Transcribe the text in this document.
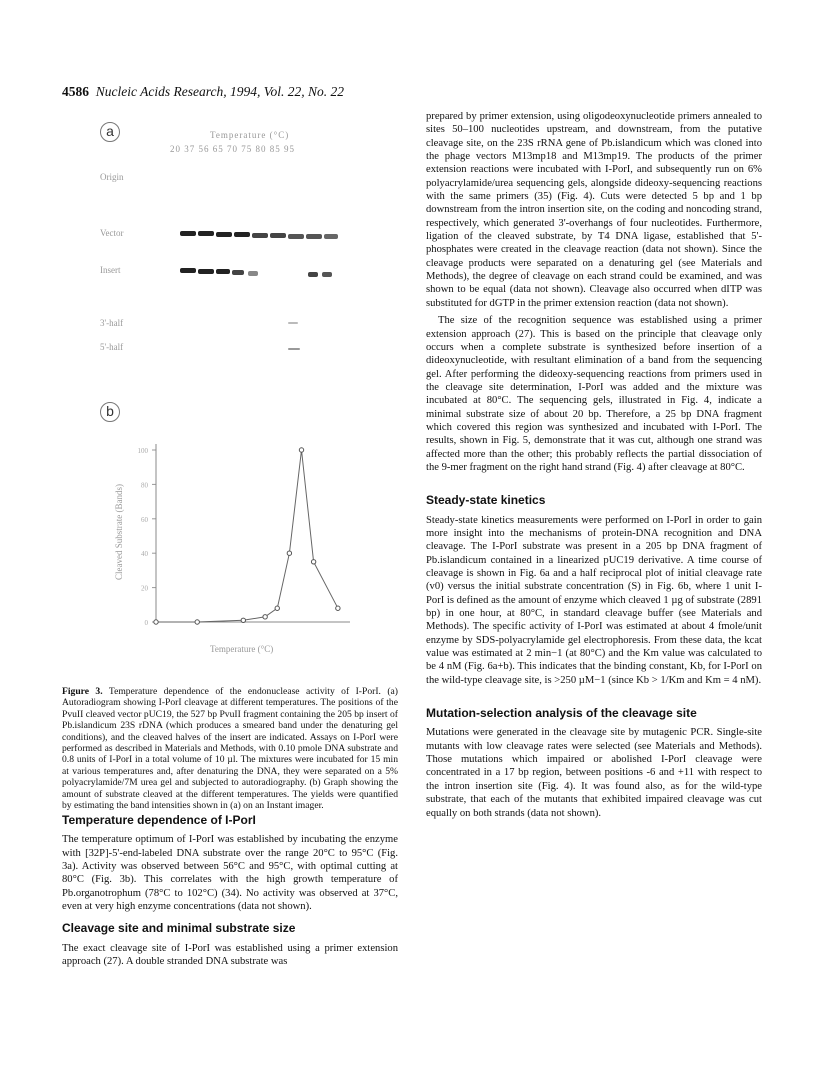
4586 Nucleic Acids Research, 1994, Vol. 22, No. 22
a	Temperature (°C)
20 37 56 65 70 75 80 85 95
Origin
Vector
Insert
3'-half
5'-half
b
100
80
60
40
20
0
Cleaved Substrate (Bands)
Temperature (°C)
Figure 3. Temperature dependence of the endonuclease activity of I-PorI. (a) Autoradiogram showing I-PorI cleavage at different temperatures. The positions of the PvuII cleaved vector pUC19, the 527 bp PvuII fragment containing the 205 bp insert of Pb.islandicum 23S rDNA (which produces a smeared band under the denaturing gel conditions), and the cleaved halves of the insert are indicated. Assays on I-PorI were performed as described in Materials and Methods, with 0.10 pmole DNA substrate and 0.8 units of I-PorI in a total volume of 10 µl. The mixtures were incubated for 15 min at various temperatures and, after denaturing the DNA, they were separated on a 5% polyacrylamide/7M urea gel and subjected to autoradiography. (b) Graph showing the amount of substrate cleaved at the different temperatures. The yields were quantified by estimating the band intensities shown in (a) on an Instant imager.
Temperature dependence of I-PorI

The temperature optimum of I-PorI was established by incubating the enzyme with [32P]-5'-end-labeled DNA substrate over the range 20°C to 95°C (Fig. 3a). Activity was observed between 56°C and 95°C, with optimal cutting at 80°C (Fig. 3b). This correlates with the high growth temperature of Pb.organotrophum (78°C to 102°C) (34). No activity was observed at 37°C, even at very high enzyme concentrations (data not shown).

Cleavage site and minimal substrate size

The exact cleavage site of I-PorI was established using a primer extension approach (27). A double stranded DNA substrate was

prepared by primer extension, using oligodeoxynucleotide primers annealed to sites 50–100 nucleotides upstream, and downstream, from the putative cleavage site, on the 23S rRNA gene of Pb.islandicum which was cloned into the phage vectors M13mp18 and M13mp19. The products of the primer extension reactions were incubated with I-PorI, and subsequently run on 6% polyacrylamide/urea sequencing gels, alongside dideoxy-sequencing reactions with the same primers (35) (Fig. 4). Cuts were detected 5 bp and 1 bp downstream from the intron insertion site, on the coding and noncoding strand, respectively, which generated 3'-overhangs of four nucleotides. Furthermore, ligation of the cleaved substrate, by T4 DNA ligase, established that 5'-phosphates were created in the cleavage reaction (data not shown). Since the cleavage products were separated on a denaturing gel (see Materials and Methods), the degree of cleavage on each strand could be examined, and was shown to be equal (data not shown). Cleavage also occurred when dITP was substituted for dGTP in the primer extension reaction (data not shown).

The size of the recognition sequence was established using a primer extension approach (27). This is based on the principle that cleavage only occurs when a complete substrate is synthesized before insertion of a dideoxynucleotide, with resultant elimination of a band from the sequencing gel. After performing the dideoxy-sequencing reactions from primers used in the cleavage site determination, I-PorI was added and the mixture was incubated at 80°C. The sequencing gels, illustrated in Fig. 4, indicate a minimal substrate size of about 20 bp. Therefore, a 25 bp DNA fragment which covered this region was synthesized and incubated with I-PorI. The results, shown in Fig. 5, demonstrate that it was cut, although one strand was affected more than the other; this probably reflects the partial dissociation of the 9-mer fragment on the right hand strand (Fig. 4) after cleavage at 80°C.

Steady-state kinetics

Steady-state kinetics measurements were performed on I-PorI in order to gain more insight into the mechanisms of protein-DNA recognition and DNA cleavage. The I-PorI substrate was present in a 205 bp DNA fragment of Pb.islandicum contained in a linearized pUC19 derivative. A time course of cleavage is shown in Fig. 6a and a half reciprocal plot of initial cleavage rate (v0) versus the initial substrate concentration (S) in Fig. 6b, where 1 unit I-PorI is defined as the amount of enzyme which cleaved 1 µg of substrate (2891 bp) in one hour, at 80°C, in standard cleavage buffer (see Materials and Methods). The specific activity of I-PorI was estimated at about 4 fmole/unit enzyme by SDS-polyacrylamide gel electrophoresis. From these data, the kcat value was estimated at 2 min−1 (at 80°C) and the Km value was calculated to be 4 nM (Fig. 6a+b). This indicates that the binding constant, Kb, for I-PorI on the wild-type cleavage site, is >250 µM−1 (since Kb > 1/Km and Km = 4 nM).

Mutation-selection analysis of the cleavage site

Mutations were generated in the cleavage site by mutagenic PCR. Single-site mutants with low cleavage rates were selected (see Materials and Methods). Those mutations which impaired or abolished I-PorI cleavage were concentrated in a 17 bp region, between positions -6 and +11 with respect to the intron insertion site (Fig. 4). It was found also, as for the wild-type substrate, that each of the mutants that exhibited impaired cleavage was cut equally on both strands (data not shown).
